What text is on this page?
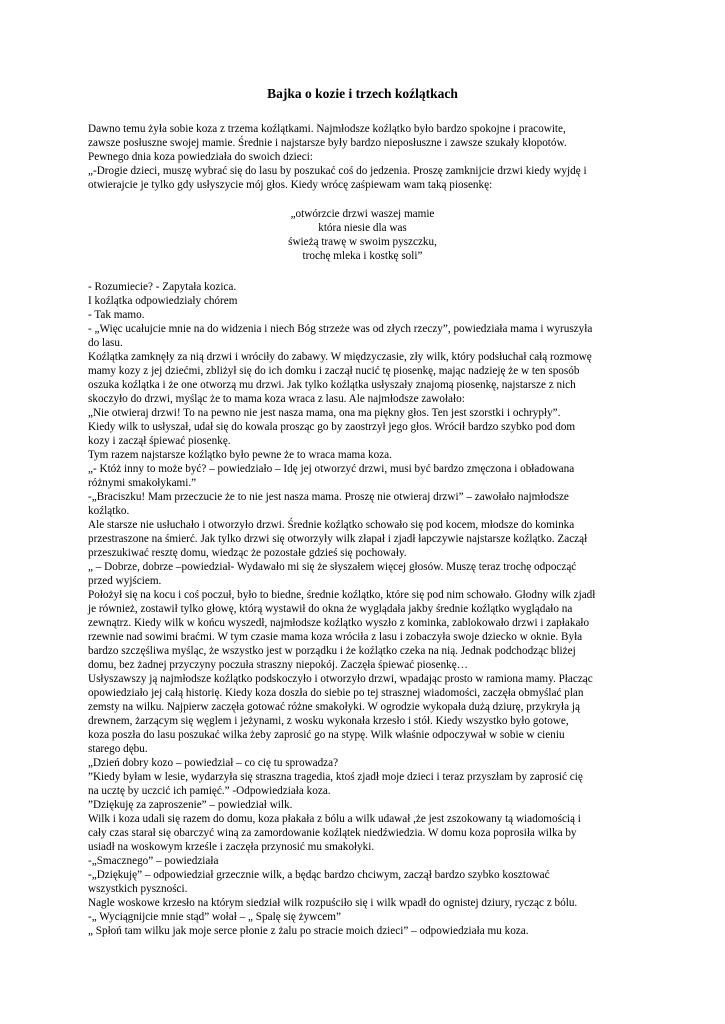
Bajka o kozie i trzech koźlątkach
Dawno temu żyła sobie koza z trzema koźlątkami. Najmłodsze koźlątko było bardzo spokojne i pracowite,
zawsze posłuszne swojej mamie. Średnie i najstarsze były bardzo nieposłuszne i zawsze szukały kłopotów.
Pewnego dnia koza powiedziała do swoich dzieci:
„-Drogie dzieci, muszę wybrać się do lasu by poszukać coś do jedzenia. Proszę zamknijcie drzwi kiedy wyjdę i
otwierajcie je tylko gdy usłyszycie mój głos. Kiedy wrócę zaśpiewam wam taką piosenkę:
„otwórzcie drzwi waszej mamie
która niesie dla was
świeżą trawę w swoim pyszczku,
trochę mleka i kostkę soli”
- Rozumiecie? - Zapytała kozica.
I koźlątka odpowiedziały chórem
- Tak mamo.
- „Więc ucałujcie mnie na do widzenia i niech Bóg strzeże was od złych rzeczy”, powiedziała mama i wyruszyła
do lasu.
Koźlątka zamknęły za nią drzwi i wróciły do zabawy. W międzyczasie, zły wilk, który podsłuchał całą rozmowę
mamy kozy z jej dziećmi, zbliżył się do ich domku i zaczął nucić tę piosenkę, mając nadzieję że w ten sposób
oszuka koźlątka i że one otworzą mu drzwi. Jak tylko koźlątka usłyszały znajomą piosenkę, najstarsze z nich
skoczyło do drzwi, myśląc że to mama koza wraca z lasu. Ale najmłodsze zawołało:
„Nie otwieraj drzwi! To na pewno nie jest nasza mama, ona ma piękny głos. Ten jest szorstki i ochrypły”.
Kiedy wilk to usłyszał, udał się do kowala prosząc go by zaostrzył jego głos. Wrócił bardzo szybko pod dom
kozy i zaczął śpiewać piosenkę.
Tym razem najstarsze koźlątko było pewne że to wraca mama koza.
„- Któż inny to może być? – powiedziało – Idę jej otworzyć drzwi, musi być bardzo zmęczona i obładowana
różnymi smakołykami.”
-„Braciszku! Mam przeczucie że to nie jest nasza mama. Proszę nie otwieraj drzwi” – zawołało najmłodsze
koźlątko.
Ale starsze nie usłuchało i otworzyło drzwi. Średnie koźlątko schowało się pod kocem, młodsze do kominka
przestraszone na śmierć. Jak tylko drzwi się otworzyły wilk złapał i zjadł łapczywie najstarsze koźlątko. Zaczął
przeszukiwać resztę domu, wiedząc że pozostałe gdzieś się pochowały.
„ – Dobrze, dobrze –powiedział- Wydawało mi się że słyszałem więcej głosów. Muszę teraz trochę odpocząć
przed wyjściem.
Położył się na kocu i coś poczuł, było to biedne, średnie koźlątko, które się pod nim schowało. Głodny wilk zjadł
je również, zostawił tylko głowę, którą wystawił do okna że wyglądała jakby średnie koźlątko wyglądało na
zewnątrz. Kiedy wilk w końcu wyszedł, najmłodsze koźlątko wyszło z kominka, zablokowało drzwi i zapłakało
rzewnie nad sowimi braćmi. W tym czasie mama koza wróciła z lasu i zobaczyła swoje dziecko w oknie. Była
bardzo szczęśliwa myśląc, że wszystko jest w porządku i że koźlątko czeka na nią. Jednak podchodząc bliżej
domu, bez żadnej przyczyny poczuła straszny niepokój. Zaczęła śpiewać piosenkę…
Usłyszawszy ją najmłodsze koźlątko podskoczyło i otworzyło drzwi, wpadając prosto w ramiona mamy. Płacząc
opowiedziało jej całą historię. Kiedy koza doszła do siebie po tej strasznej wiadomości, zaczęła obmyślać plan
zemsty na wilku. Najpierw zaczęła gotować różne smakołyki. W ogrodzie wykopała dużą dziurę, przykryła ją
drewnem, żarzącym się węglem i jeżynami, z wosku wykonała krzesło i stół. Kiedy wszystko było gotowe,
koza poszła do lasu poszukać wilka żeby zaprosić go na stypę. Wilk właśnie odpoczywał w sobie w cieniu
starego dębu.
„Dzień dobry kozo – powiedział – co cię tu sprowadza?
”Kiedy byłam w lesie, wydarzyła się straszna tragedia, ktoś zjadł moje dzieci i teraz przyszłam by zaprosić cię
na ucztę by uczcić ich pamięć.” -Odpowiedziała koza.
”Dziękuję za zaproszenie” – powiedział wilk.
Wilk i koza udali się razem do domu, koza płakała z bólu a wilk udawał ,że jest zszokowany tą wiadomością i
cały czas starał się obarczyć winą za zamordowanie koźlątek niedźwiedzia. W domu koza poprosiła wilka by
usiadł na woskowym krześle i zaczęła przynosić mu smakołyki.
-„Smacznego” – powiedziała
-„Dziękuję” – odpowiedział grzecznie wilk, a będąc bardzo chciwym, zaczął bardzo szybko kosztować
wszystkich pyszności.
Nagle woskowe krzesło na którym siedział wilk rozpuściło się i wilk wpadł do ognistej dziury, rycząc z bólu.
-„ Wyciągnijcie mnie stąd” wołał – „ Spalę się żywcem”
„ Spłoń tam wilku jak moje serce płonie z żalu po stracie moich dzieci” – odpowiedziała mu koza.
